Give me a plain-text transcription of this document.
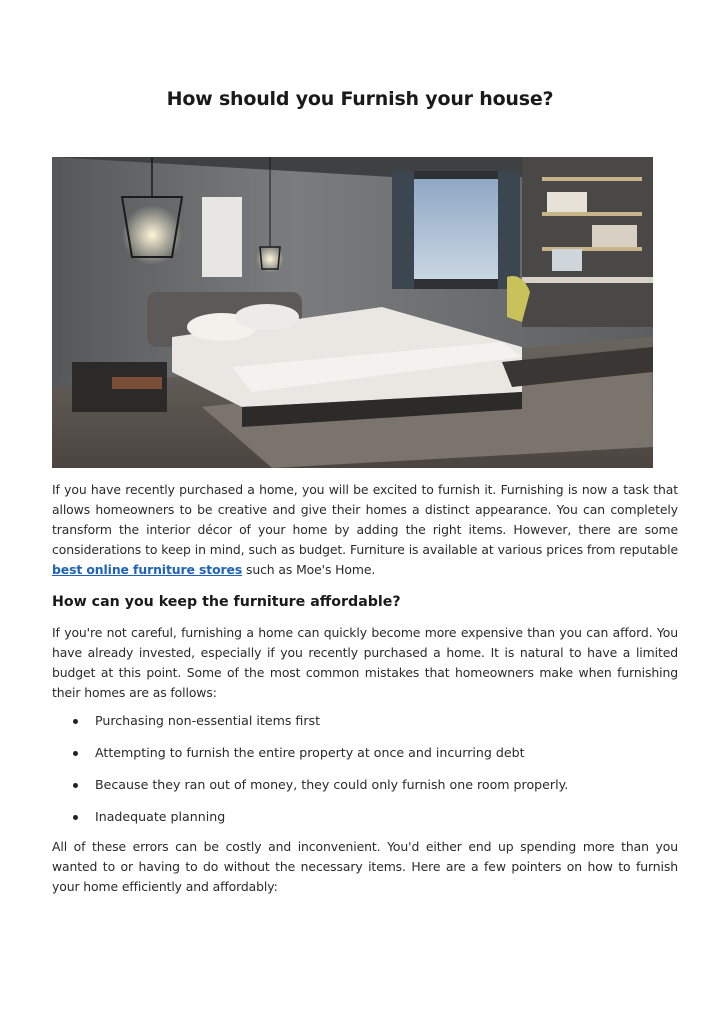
How should you Furnish your house?

If you have recently purchased a home, you will be excited to furnish it. Furnishing is now a task that allows homeowners to be creative and give their homes a distinct appearance. You can completely transform the interior décor of your home by adding the right items. However, there are some considerations to keep in mind, such as budget. Furniture is available at various prices from reputable best online furniture stores such as Moe's Home.

How can you keep the furniture affordable?

If you're not careful, furnishing a home can quickly become more expensive than you can afford. You have already invested, especially if you recently purchased a home. It is natural to have a limited budget at this point. Some of the most common mistakes that homeowners make when furnishing their homes are as follows:

Purchasing non-essential items first
Attempting to furnish the entire property at once and incurring debt
Because they ran out of money, they could only furnish one room properly.
Inadequate planning

All of these errors can be costly and inconvenient. You'd either end up spending more than you wanted to or having to do without the necessary items. Here are a few pointers on how to furnish your home efficiently and affordably:
